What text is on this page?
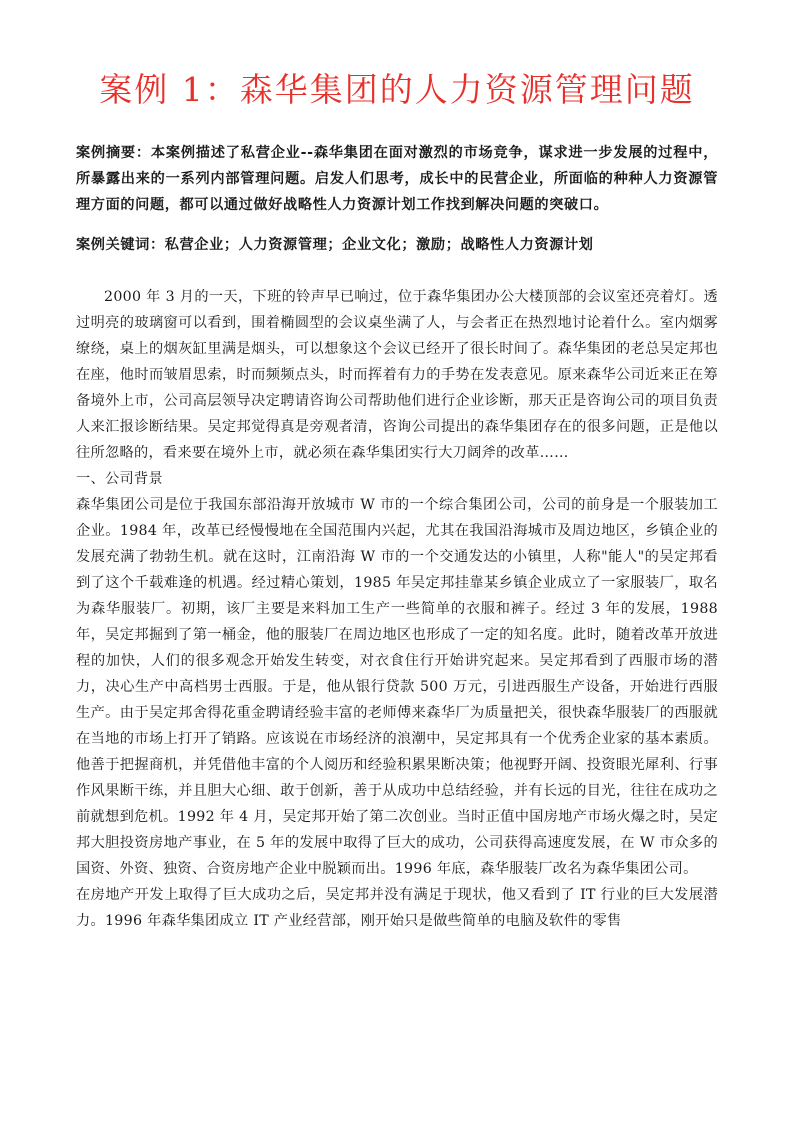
案例 1：森华集团的人力资源管理问题

案例摘要：本案例描述了私营企业--森华集团在面对激烈的市场竞争，谋求进一步发展的过程中，所暴露出来的一系列内部管理问题。启发人们思考，成长中的民营企业，所面临的种种人力资源管理方面的问题，都可以通过做好战略性人力资源计划工作找到解决问题的突破口。

案例关键词：私营企业；人力资源管理；企业文化；激励；战略性人力资源计划

2000 年 3 月的一天，下班的铃声早已响过，位于森华集团办公大楼顶部的会议室还亮着灯。透过明亮的玻璃窗可以看到，围着椭圆型的会议桌坐满了人，与会者正在热烈地讨论着什么。室内烟雾缭绕，桌上的烟灰缸里满是烟头，可以想象这个会议已经开了很长时间了。森华集团的老总吴定邦也在座，他时而皱眉思索，时而频频点头，时而挥着有力的手势在发表意见。原来森华公司近来正在筹备境外上市，公司高层领导决定聘请咨询公司帮助他们进行企业诊断，那天正是咨询公司的项目负责人来汇报诊断结果。吴定邦觉得真是旁观者清，咨询公司提出的森华集团存在的很多问题，正是他以往所忽略的，看来要在境外上市，就必须在森华集团实行大刀阔斧的改革……

一、公司背景

森华集团公司是位于我国东部沿海开放城市 W 市的一个综合集团公司，公司的前身是一个服装加工企业。1984 年，改革已经慢慢地在全国范围内兴起，尤其在我国沿海城市及周边地区，乡镇企业的发展充满了勃勃生机。就在这时，江南沿海 W 市的一个交通发达的小镇里，人称"能人"的吴定邦看到了这个千载难逢的机遇。经过精心策划，1985 年吴定邦挂靠某乡镇企业成立了一家服装厂，取名为森华服装厂。初期，该厂主要是来料加工生产一些简单的衣服和裤子。经过 3 年的发展，1988 年，吴定邦掘到了第一桶金，他的服装厂在周边地区也形成了一定的知名度。此时，随着改革开放进程的加快，人们的很多观念开始发生转变，对衣食住行开始讲究起来。吴定邦看到了西服市场的潜力，决心生产中高档男士西服。于是，他从银行贷款 500 万元，引进西服生产设备，开始进行西服生产。由于吴定邦舍得花重金聘请经验丰富的老师傅来森华厂为质量把关，很快森华服装厂的西服就在当地的市场上打开了销路。应该说在市场经济的浪潮中，吴定邦具有一个优秀企业家的基本素质。他善于把握商机，并凭借他丰富的个人阅历和经验积累果断决策；他视野开阔、投资眼光犀利、行事作风果断干练，并且胆大心细、敢于创新，善于从成功中总结经验，并有长远的目光，往往在成功之前就想到危机。1992 年 4 月，吴定邦开始了第二次创业。当时正值中国房地产市场火爆之时，吴定邦大胆投资房地产事业，在 5 年的发展中取得了巨大的成功，公司获得高速度发展，在 W 市众多的国资、外资、独资、合资房地产企业中脱颖而出。1996 年底，森华服装厂改名为森华集团公司。

在房地产开发上取得了巨大成功之后，吴定邦并没有满足于现状，他又看到了 IT 行业的巨大发展潜力。1996 年森华集团成立 IT 产业经营部，刚开始只是做些简单的电脑及软件的零售
